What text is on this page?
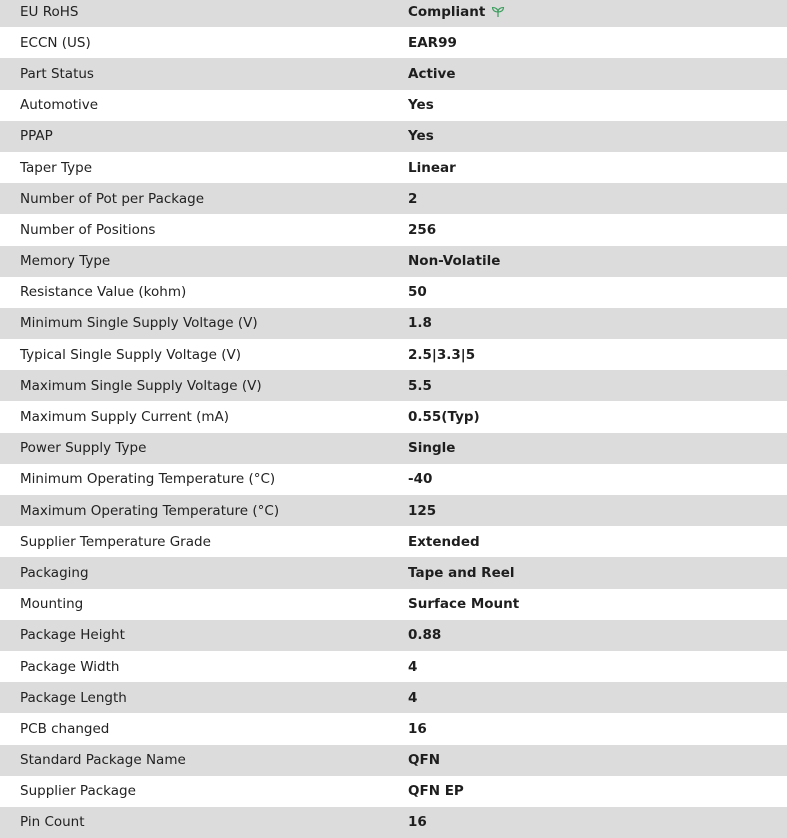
EU RoHS	Compliant
ECCN (US)	EAR99
Part Status	Active
Automotive	Yes
PPAP	Yes
Taper Type	Linear
Number of Pot per Package	2
Number of Positions	256
Memory Type	Non-Volatile
Resistance Value (kohm)	50
Minimum Single Supply Voltage (V)	1.8
Typical Single Supply Voltage (V)	2.5|3.3|5
Maximum Single Supply Voltage (V)	5.5
Maximum Supply Current (mA)	0.55(Typ)
Power Supply Type	Single
Minimum Operating Temperature (°C)	-40
Maximum Operating Temperature (°C)	125
Supplier Temperature Grade	Extended
Packaging	Tape and Reel
Mounting	Surface Mount
Package Height	0.88
Package Width	4
Package Length	4
PCB changed	16
Standard Package Name	QFN
Supplier Package	QFN EP
Pin Count	16
